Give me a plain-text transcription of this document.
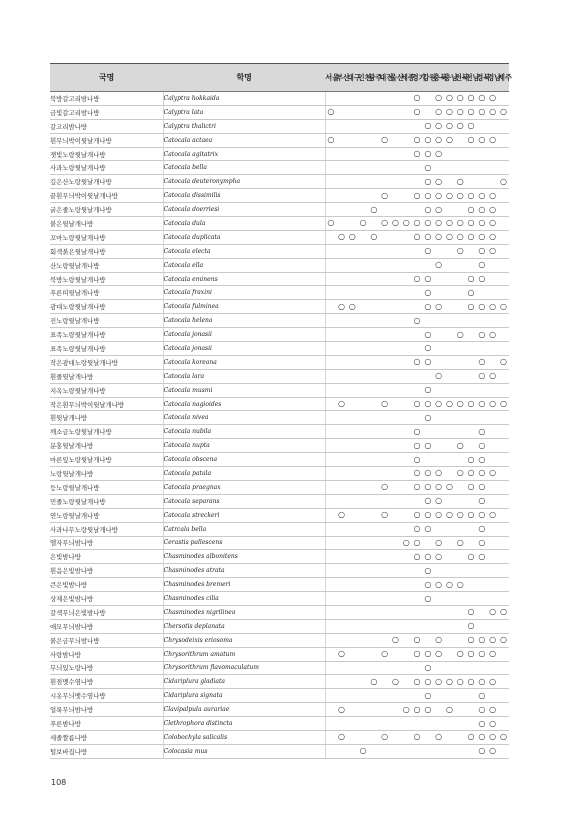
국명	학명	서울	부산	대구	인천	광주	대전	울산	세종	경기	강원	충북	충남	전북	전남	경북	경남	제주
북방갈고리밤나방	Calyptra hokkaida									○		○	○	○	○	○	○	
금빛갈고리밤나방	Calyptra lata	○								○		○	○	○	○	○	○	○
갈고리밤나방	Calyptra thalictri										○	○	○	○	○			
흰무늬박이뒷날개나방	Catocala actaea	○					○			○	○	○	○		○	○	○	
잿빛노랑뒷날개나방	Catocala agitatrix									○	○	○						
사과노랑뒷날개나방	Catocala bella										○							
깊은산노랑뒷날개나방	Catocala deuteronympha										○	○		○				○
끝흰무늬박이뒷날개나방	Catocala dissimilis						○			○	○	○	○	○	○	○	○	
굵은줄노랑뒷날개나방	Catocala doerriesi					○					○	○			○	○	○	
붉은뒷날개나방	Catocala dula	○			○		○	○	○	○	○	○	○	○	○	○	○	
꼬마노랑뒷날개나방	Catocala duplicata		○	○		○				○	○	○	○	○	○	○	○	
회색붉은뒷날개나방	Catocala electa										○			○		○	○	
산노랑뒷날개나방	Catocala ella											○				○		
북방노랑뒷날개나방	Catocala eminens									○	○				○	○		
푸른띠뒷날개나방	Catocala fraxini										○				○			
광대노랑뒷날개나방	Catocala fulminea		○	○							○	○			○	○	○	○
진노랑뒷날개나방	Catocala helena									○								
표족노랑뒷날개나방	Catocala jonasii										○			○		○	○	
표족노랑뒷날개나방	Catocala jonasii										○							
작은광대노랑뒷날개나방	Catocala koreana									○	○					○		○
흰줄뒷날개나방	Catocala lara											○				○	○	
지옥노랑뒷날개나방	Catocala musmi										○							
작은흰무늬박이뒷날개나방	Catocala nagioides		○				○			○	○	○	○	○	○	○	○	○
흰뒷날개나방	Catocala nivea										○							
깨소금노랑뒷날개나방	Catocala nubila									○						○		
분홍뒷날개나방	Catocala nupta									○	○			○		○		
마른잎노랑뒷날개나방	Catocala obscena									○					○	○		
노랑뒷날개나방	Catocala patala									○	○	○		○	○	○	○	
등노랑뒷날개나방	Catocala praegnax						○			○	○	○	○		○	○		
민줄노랑뒷날개나방	Catocala separans										○	○				○		
연노랑뒷날개나방	Catocala streckeri		○				○			○	○	○	○	○	○	○	○	
사과나무노랑뒷날개나방	Catrcala bella									○	○					○		
엘자무늬밤나방	Cerastis pallescens								○	○		○		○		○		
은빛밤나방	Chasminodes albonitens									○	○	○			○	○		
흰음은빛밤나방	Chasminodes atrata										○							
큰은빛밤나방	Chasminodes bremeri										○	○	○	○				
상제은빛밤나방	Chasminodes cilia										○							
갈색무늬은빛밤나방	Chasminodes nigrilinea														○		○	○
애모무늬밤나방	Chersotis deplanata														○			
붉은금무늬밤나방	Chrysodeixis eriosoma							○		○		○			○	○	○	○
사랑밤나방	Chrysorithrum amatum		○				○			○	○	○		○	○	○	○	
무늬있노랑나방	Chrysorithrum flavomaculatum										○							
흰점멧수염나방	Cidariplura gladiata					○		○		○	○	○	○	○	○	○	○	
시옷무늬멧수염나방	Cidariplura signata										○					○		
얼룩무늬밤나방	Clavipalpula aurariae		○						○	○	○		○			○	○	
푸른밤나방	Clethrophora distincta															○	○	
세줄짤름나방	Colobochyla salicalis		○				○			○		○			○	○	○	○
털보바집나방	Colocasia mus				○											○	○	
108
